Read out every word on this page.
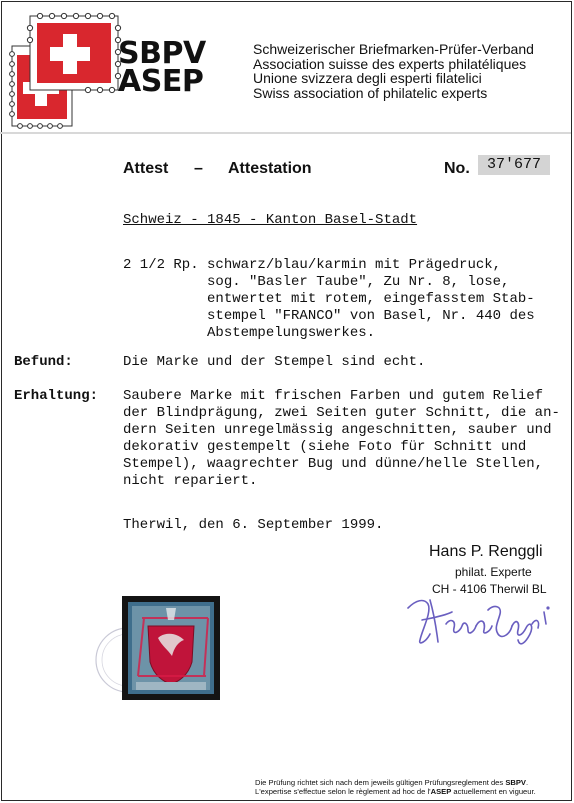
SBPV
ASEP
Schweizerischer Briefmarken-Prüfer-Verband
Association suisse des experts philatéliques
Unione svizzera degli esperti filatelici
Swiss association of philatelic experts
Attest – Attestation	No.	37'677
Schweiz - 1845 - Kanton Basel-Stadt
2 1/2 Rp. schwarz/blau/karmin mit Prägedruck,
sog. "Basler Taube", Zu Nr. 8, lose,
entwertet mit rotem, eingefasstem Stab-
stempel "FRANCO" von Basel, Nr. 440 des
Abstempelungswerkes.
Befund:	Die Marke und der Stempel sind echt.
Erhaltung: Saubere Marke mit frischen Farben und gutem Relief
der Blindprägung, zwei Seiten guter Schnitt, die an-
dern Seiten unregelmässig angeschnitten, sauber und
dekorativ gestempelt (siehe Foto für Schnitt und
Stempel), waagrechter Bug und dünne/helle Stellen,
nicht repariert.
Therwil, den 6. September 1999.
Hans P. Renggli
philat. Experte
CH - 4106 Therwil BL
Die Prüfung richtet sich nach dem jeweils gültigen Prüfungsreglement des SBPV.
L'expertise s'effectue selon le règlement ad hoc de l'ASEP actuellement en vigueur.
